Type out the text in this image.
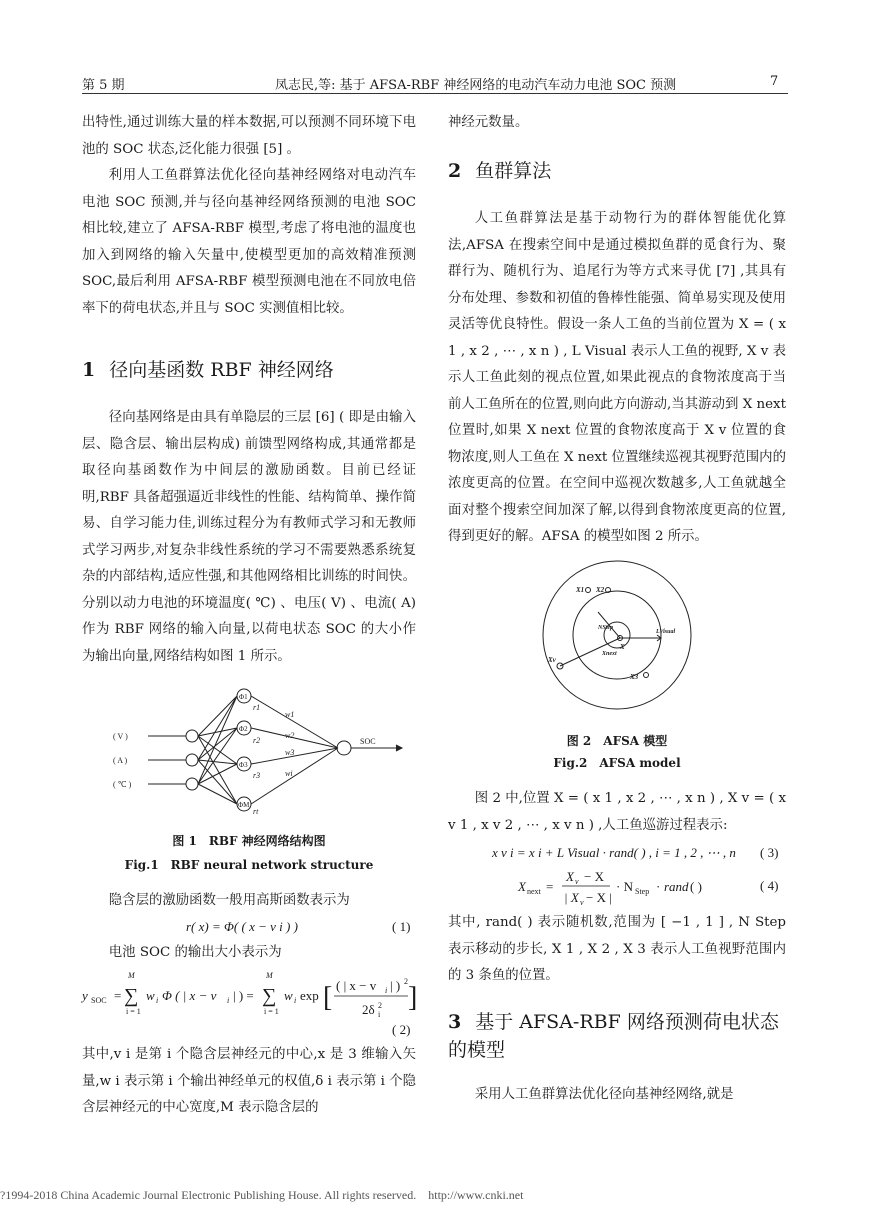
第 5 期	凤志民,等: 基于 AFSA-RBF 神经网络的电动汽车动力电池 SOC 预测	7

出特性,通过训练大量的样本数据,可以预测不同环境下电池的 SOC 状态,泛化能力很强 [5] 。

利用人工鱼群算法优化径向基神经网络对电动汽车电池 SOC 预测,并与径向基神经网络预测的电池 SOC 相比较,建立了 AFSA-RBF 模型,考虑了将电池的温度也加入到网络的输入矢量中,使模型更加的高效精准预测 SOC,最后利用 AFSA-RBF 模型预测电池在不同放电倍率下的荷电状态,并且与 SOC 实测值相比较。

1 径向基函数 RBF 神经网络

径向基网络是由具有单隐层的三层 [6] ( 即是由输入层、隐含层、输出层构成) 前馈型网络构成,其通常都是取径向基函数作为中间层的激励函数。目前已经证明,RBF 具备超强逼近非线性的性能、结构简单、操作简易、自学习能力佳,训练过程分为有教师式学习和无教师式学习两步,对复杂非线性系统的学习不需要熟悉系统复杂的内部结构,适应性强,和其他网络相比训练的时间快。分别以动力电池的环境温度( ℃) 、电压( V) 、电流( A) 作为 RBF 网络的输入向量,以荷电状态 SOC 的大小作为输出向量,网络结构如图 1 所示。

( V )
( A )
( ℃ )
Φ1
Φ2
Φ3
ΦM
r1
r2
r3
rt
w1
w2
w3
wi
SOC
图 1　RBF 神经网络结构图
Fig.1　RBF neural network structure

隐含层的激励函数一般用高斯函数表示为

r( x) = Φ( ( x − v i ) )	( 1)

电池 SOC 的输出大小表示为

y SOC =
M
∑
i = 1
w i Φ ( | x − v i | ) =
M
∑
i = 1
w i exp [ ( | x − v i | ) 2
2δ i
2 ]
( 2)

其中,v i 是第 i 个隐含层神经元的中心,x 是 3 维输入矢量,w i 表示第 i 个输出神经单元的权值,δ i 表示第 i 个隐含层神经元的中心宽度,M 表示隐含层的

神经元数量。

2 鱼群算法

人工鱼群算法是基于动物行为的群体智能优化算法,AFSA 在搜索空间中是通过模拟鱼群的觅食行为、聚群行为、随机行为、追尾行为等方式来寻优 [7] ,其具有分布处理、参数和初值的鲁棒性能强、简单易实现及使用灵活等优良特性。假设一条人工鱼的当前位置为 X = ( x 1 , x 2 , ⋯ , x n ) , L Visual 表示人工鱼的视野, X v 表示人工鱼此刻的视点位置,如果此视点的食物浓度高于当前人工鱼所在的位置,则向此方向游动,当其游动到 X next 位置时,如果 X next 位置的食物浓度高于 X v 位置的食物浓度,则人工鱼在 X next 位置继续巡视其视野范围内的浓度更高的位置。在空间中巡视次数越多,人工鱼就越全面对整个搜索空间加深了解,以得到食物浓度更高的位置,得到更好的解。AFSA 的模型如图 2 所示。

X1 X2
X3
X
Xv
NStep
Xnext
LVisual
图 2　AFSA 模型
Fig.2　AFSA model

图 2 中,位置 X = ( x 1 , x 2 , ⋯ , x n ) , X v = ( x v 1 , x v 2 , ⋯ , x v n ) ,人工鱼巡游过程表示:

x v i = x i + L Visual · rand( ) , i = 1 , 2 , ⋯ , n ( 3)
X next =
X v − X
| X v − X |
· N Step · rand ( )	( 4)

其中, rand( ) 表示随机数,范围为 [ −1 , 1 ] , N Step 表示移动的步长, X 1 , X 2 , X 3 表示人工鱼视野范围内的 3 条鱼的位置。

3 基于 AFSA-RBF 网络预测荷电状态的模型

采用人工鱼群算法优化径向基神经网络,就是

?1994-2018 China Academic Journal Electronic Publishing House. All rights reserved.　http://www.cnki.net
